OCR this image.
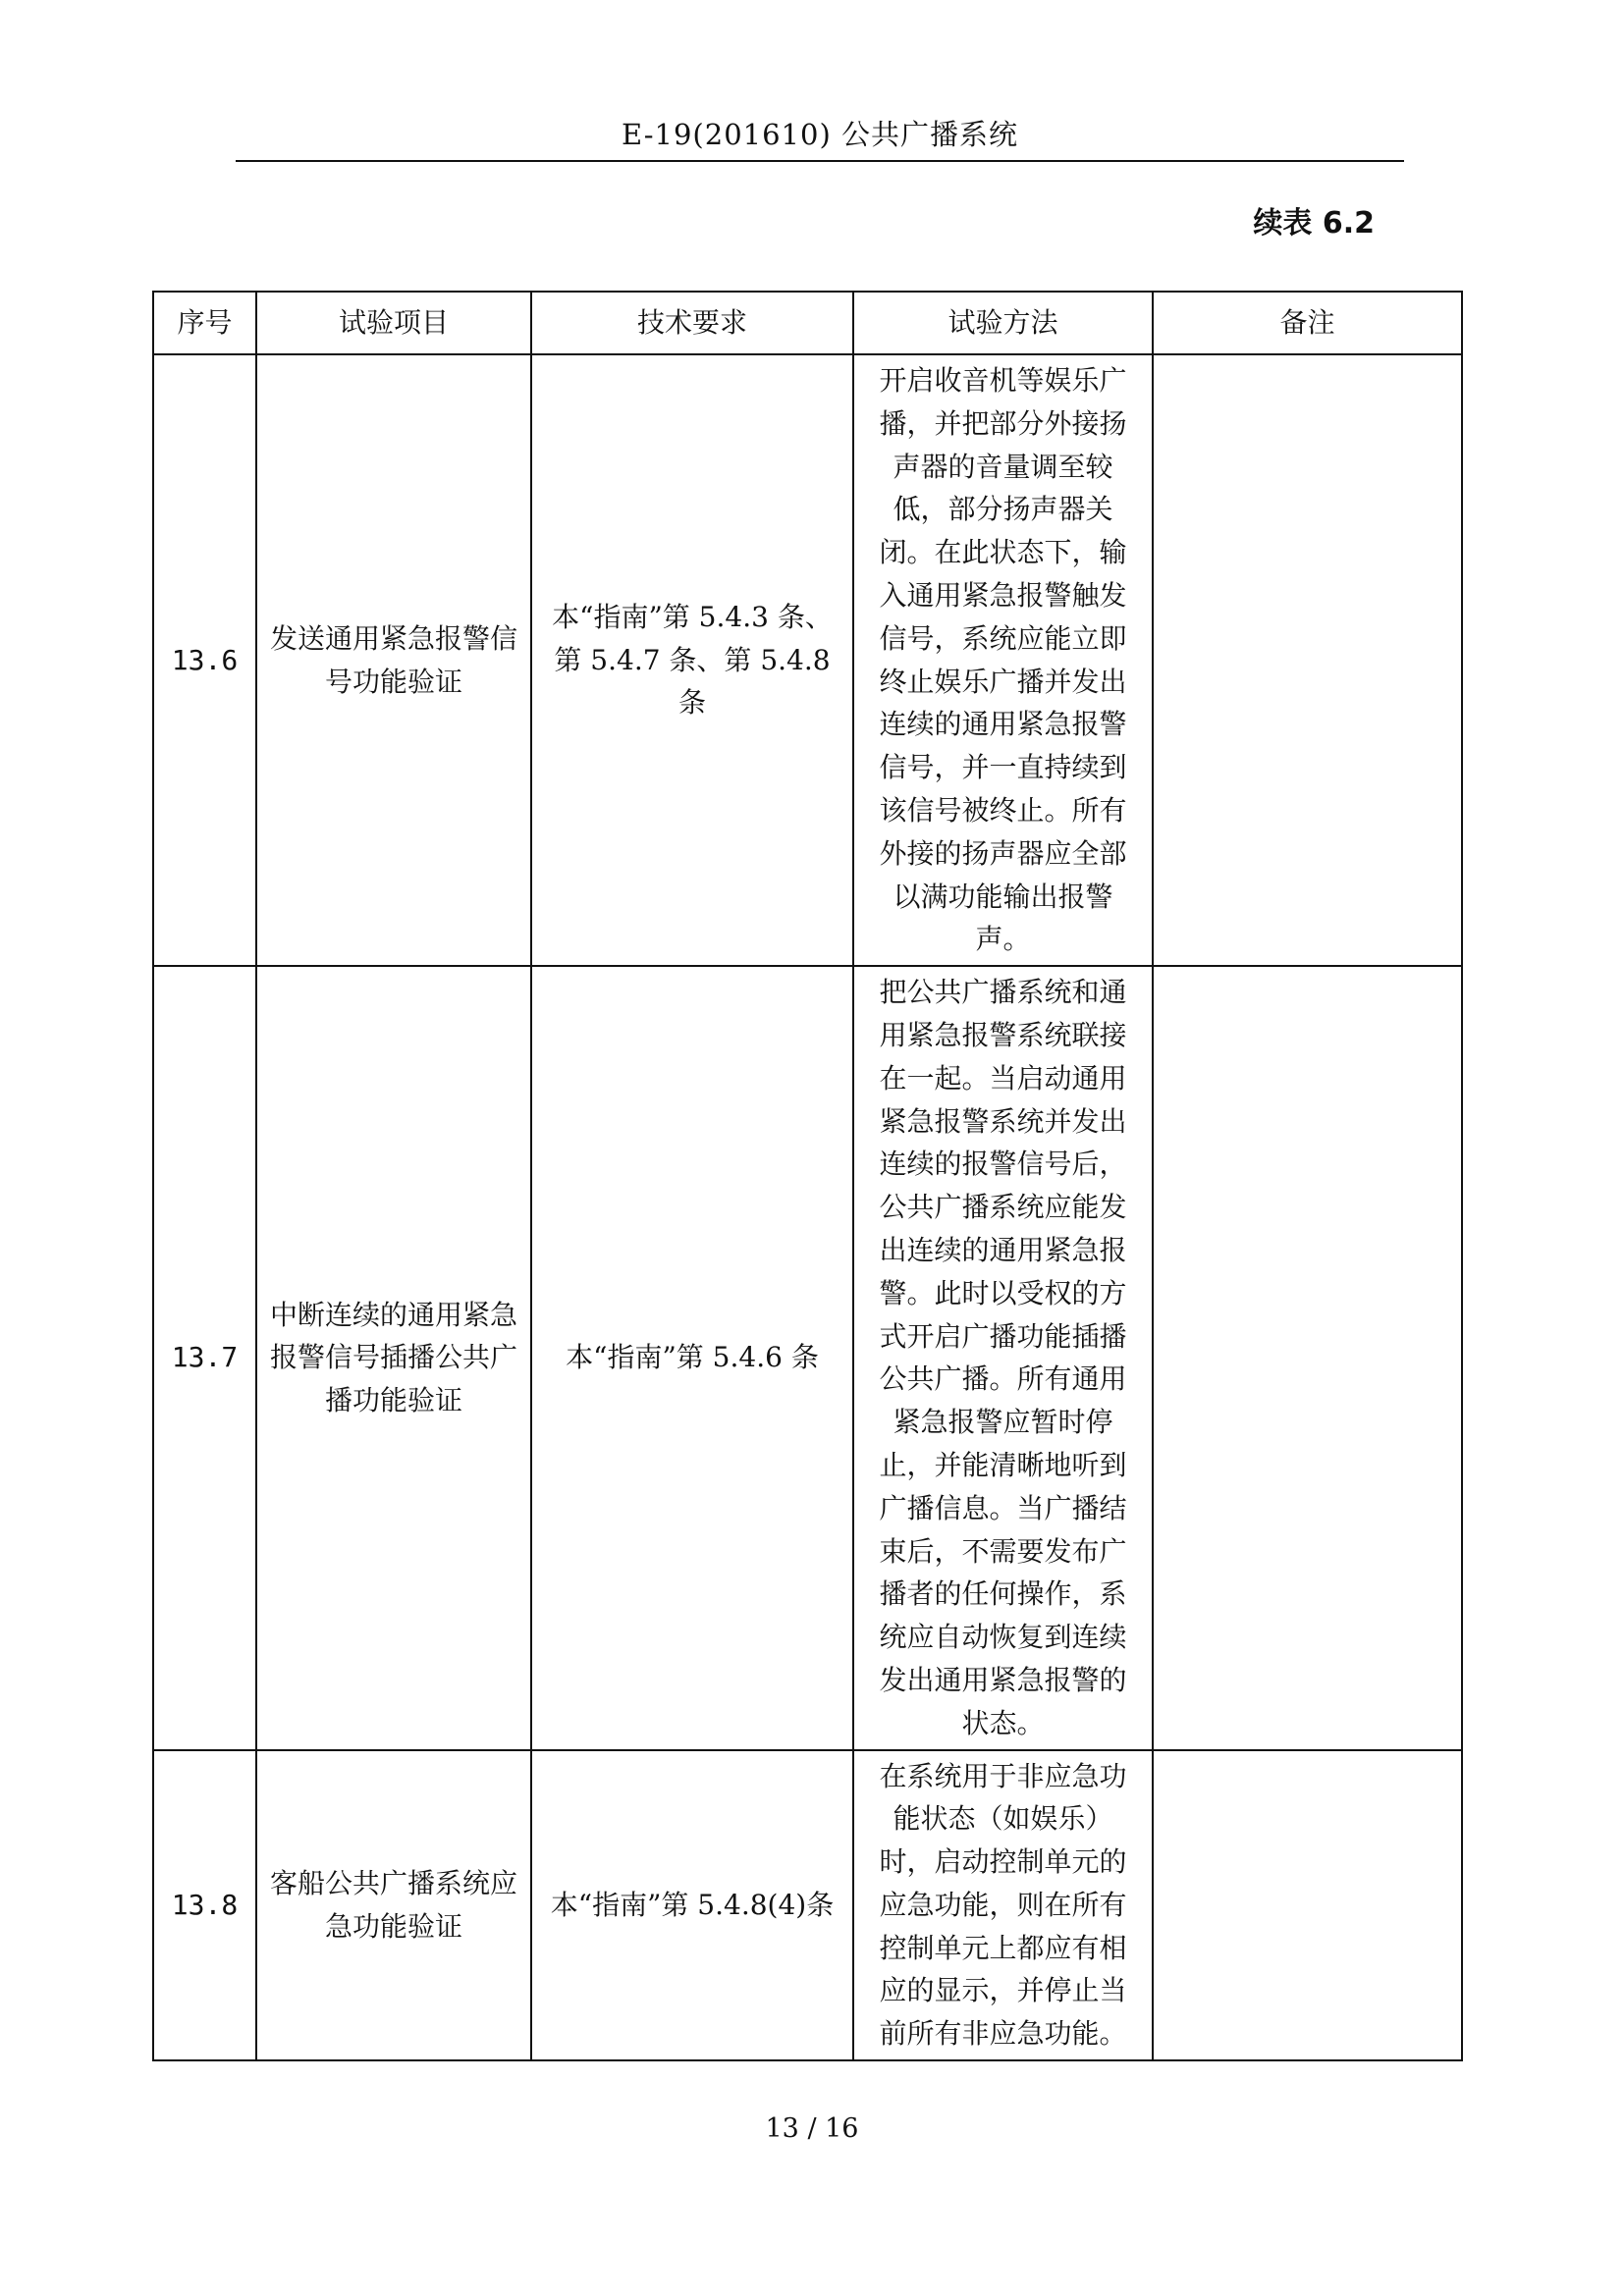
E-19(201610) 公共广播系统
续表 6.2
序号	试验项目	技术要求	试验方法	备注
13.6	发送通用紧急报警信号功能验证	本“指南”第 5.4.3 条、第 5.4.7 条、第 5.4.8 条	开启收音机等娱乐广播，并把部分外接扬声器的音量调至较低，部分扬声器关闭。在此状态下，输入通用紧急报警触发信号，系统应能立即终止娱乐广播并发出连续的通用紧急报警信号，并一直持续到该信号被终止。所有外接的扬声器应全部以满功能输出报警声。	
13.7	中断连续的通用紧急报警信号插播公共广播功能验证	本“指南”第 5.4.6 条	把公共广播系统和通用紧急报警系统联接在一起。当启动通用紧急报警系统并发出连续的报警信号后，公共广播系统应能发出连续的通用紧急报警。此时以受权的方式开启广播功能插播公共广播。所有通用紧急报警应暂时停止，并能清晰地听到广播信息。当广播结束后，不需要发布广播者的任何操作，系统应自动恢复到连续发出通用紧急报警的状态。	
13.8	客船公共广播系统应急功能验证	本“指南”第 5.4.8(4)条	在系统用于非应急功能状态（如娱乐）时，启动控制单元的应急功能，则在所有控制单元上都应有相应的显示，并停止当前所有非应急功能。	
13 / 16
